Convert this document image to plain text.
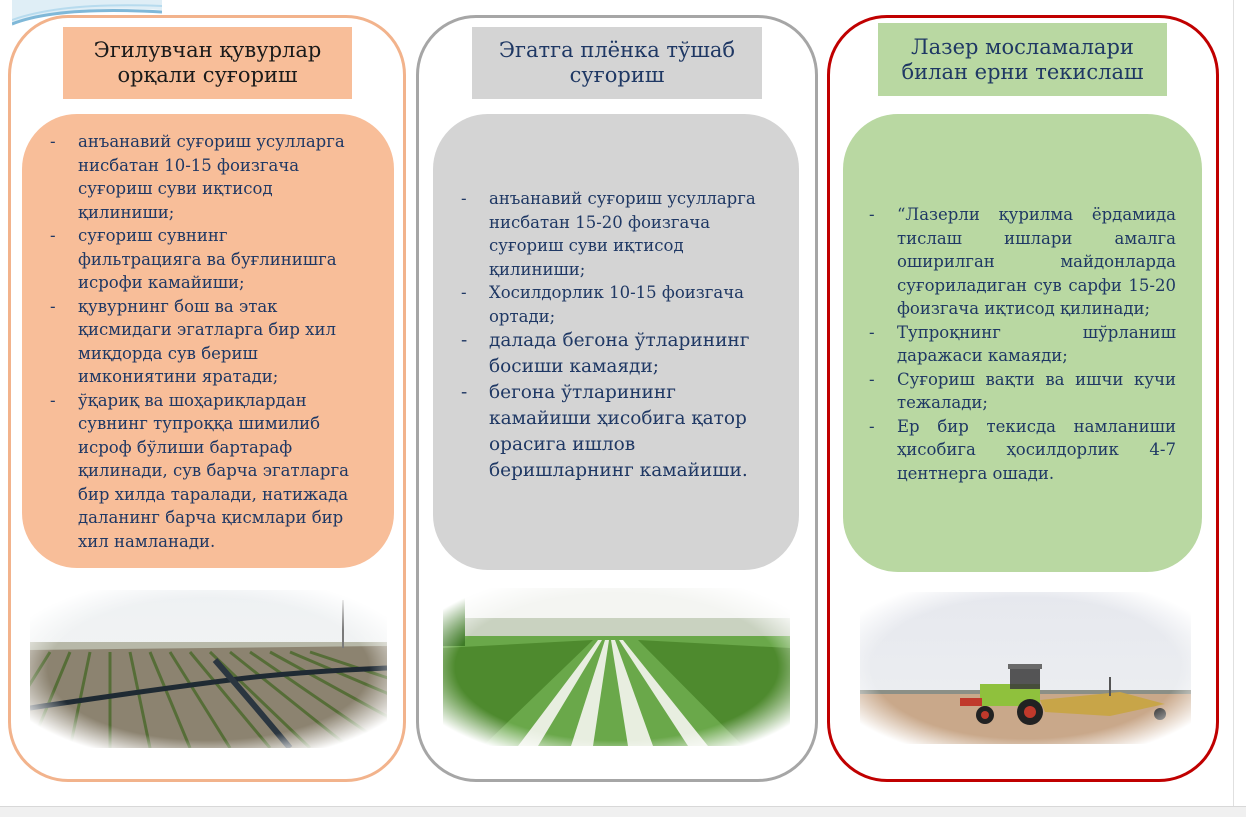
Эгилувчан қувурлар орқали суғориш
- анъанавий суғориш усулларга нисбатан 10-15 фоизгача суғориш суви иқтисод қилиниши;
- суғориш сувнинг фильтрацияга ва буғлинишга исрофи камайиши;
- қувурнинг бош ва этак қисмидаги эгатларга бир хил миқдорда сув бериш имкониятини яратади;
- ўқариқ ва шоҳариқлардан сувнинг тупроққа шимилиб исроф бўлиши бартараф қилинади, сув барча эгатларга бир хилда таралади, натижада даланинг барча қисмлари бир хил намланади.
Эгатга плёнка тўшаб суғориш
- анъанавий суғориш усулларга нисбатан 15-20 фоизгача суғориш суви иқтисод қилиниши;
- Хосилдорлик 10-15 фоизгача ортади;
- далада бегона ўтларининг босиши камаяди;
- бегона ўтларининг камайиши ҳисобига қатор орасига ишлов беришларнинг камайиши.
Лазер мосламалари билан ерни текислаш
- “Лазерли қурилма ёрдамида тислаш ишлари амалга оширилган майдонларда суғориладиган сув сарфи 15-20 фоизгача иқтисод қилинади;
- Тупроқнинг шўрланиш даражаси камаяди;
- Суғориш вақти ва ишчи кучи тежалади;
- Ер бир текисда намланиши ҳисобига ҳосилдорлик 4-7 центнерга ошади.
